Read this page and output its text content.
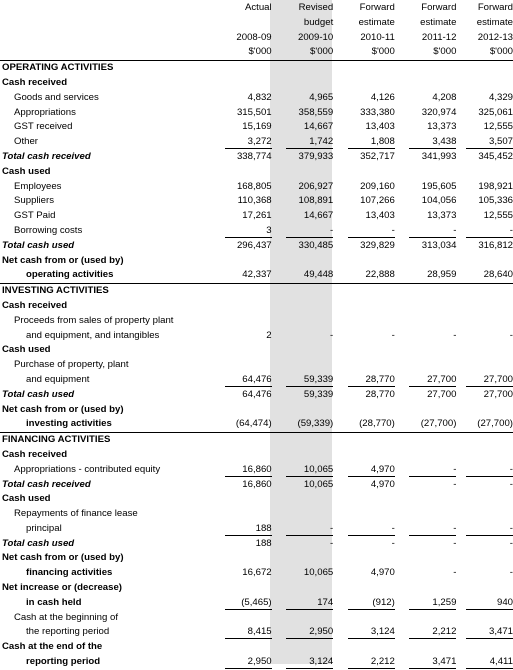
	Actual	Revised	Forward	Forward	Forward
		budget	estimate	estimate	estimate
	2008-09	2009-10	2010-11	2011-12	2012-13
	$'000	$'000	$'000	$'000	$'000
OPERATING ACTIVITIES					
Cash received					
Goods and services	4,832	4,965	4,126	4,208	4,329
Appropriations	315,501	358,559	333,380	320,974	325,061
GST received	15,169	14,667	13,403	13,373	12,555
Other	3,272	1,742	1,808	3,438	3,507
Total cash received	338,774	379,933	352,717	341,993	345,452
Cash used					
Employees	168,805	206,927	209,160	195,605	198,921
Suppliers	110,368	108,891	107,266	104,056	105,336
GST Paid	17,261	14,667	13,403	13,373	12,555
Borrowing costs	3	-	-	-	-
Total cash used	296,437	330,485	329,829	313,034	316,812
Net cash from or (used by)					
operating activities	42,337	49,448	22,888	28,959	28,640
INVESTING ACTIVITIES					
Cash received					
Proceeds from sales of property plant					
and equipment, and intangibles	2	-	-	-	-
Cash used					
Purchase of property, plant					
and equipment	64,476	59,339	28,770	27,700	27,700
Total cash used	64,476	59,339	28,770	27,700	27,700
Net cash from or (used by)					
investing activities	(64,474)	(59,339)	(28,770)	(27,700)	(27,700)
FINANCING ACTIVITIES					
Cash received					
Appropriations - contributed equity	16,860	10,065	4,970	-	-
Total cash received	16,860	10,065	4,970	-	-
Cash used					
Repayments of finance lease					
principal	188	-	-	-	-
Total cash used	188	-	-	-	-
Net cash from or (used by)					
financing activities	16,672	10,065	4,970	-	-
Net increase or (decrease)					
in cash held	(5,465)	174	(912)	1,259	940
Cash at the beginning of					
the reporting period	8,415	2,950	3,124	2,212	3,471
Cash at the end of the					
reporting period	2,950	3,124	2,212	3,471	4,411
